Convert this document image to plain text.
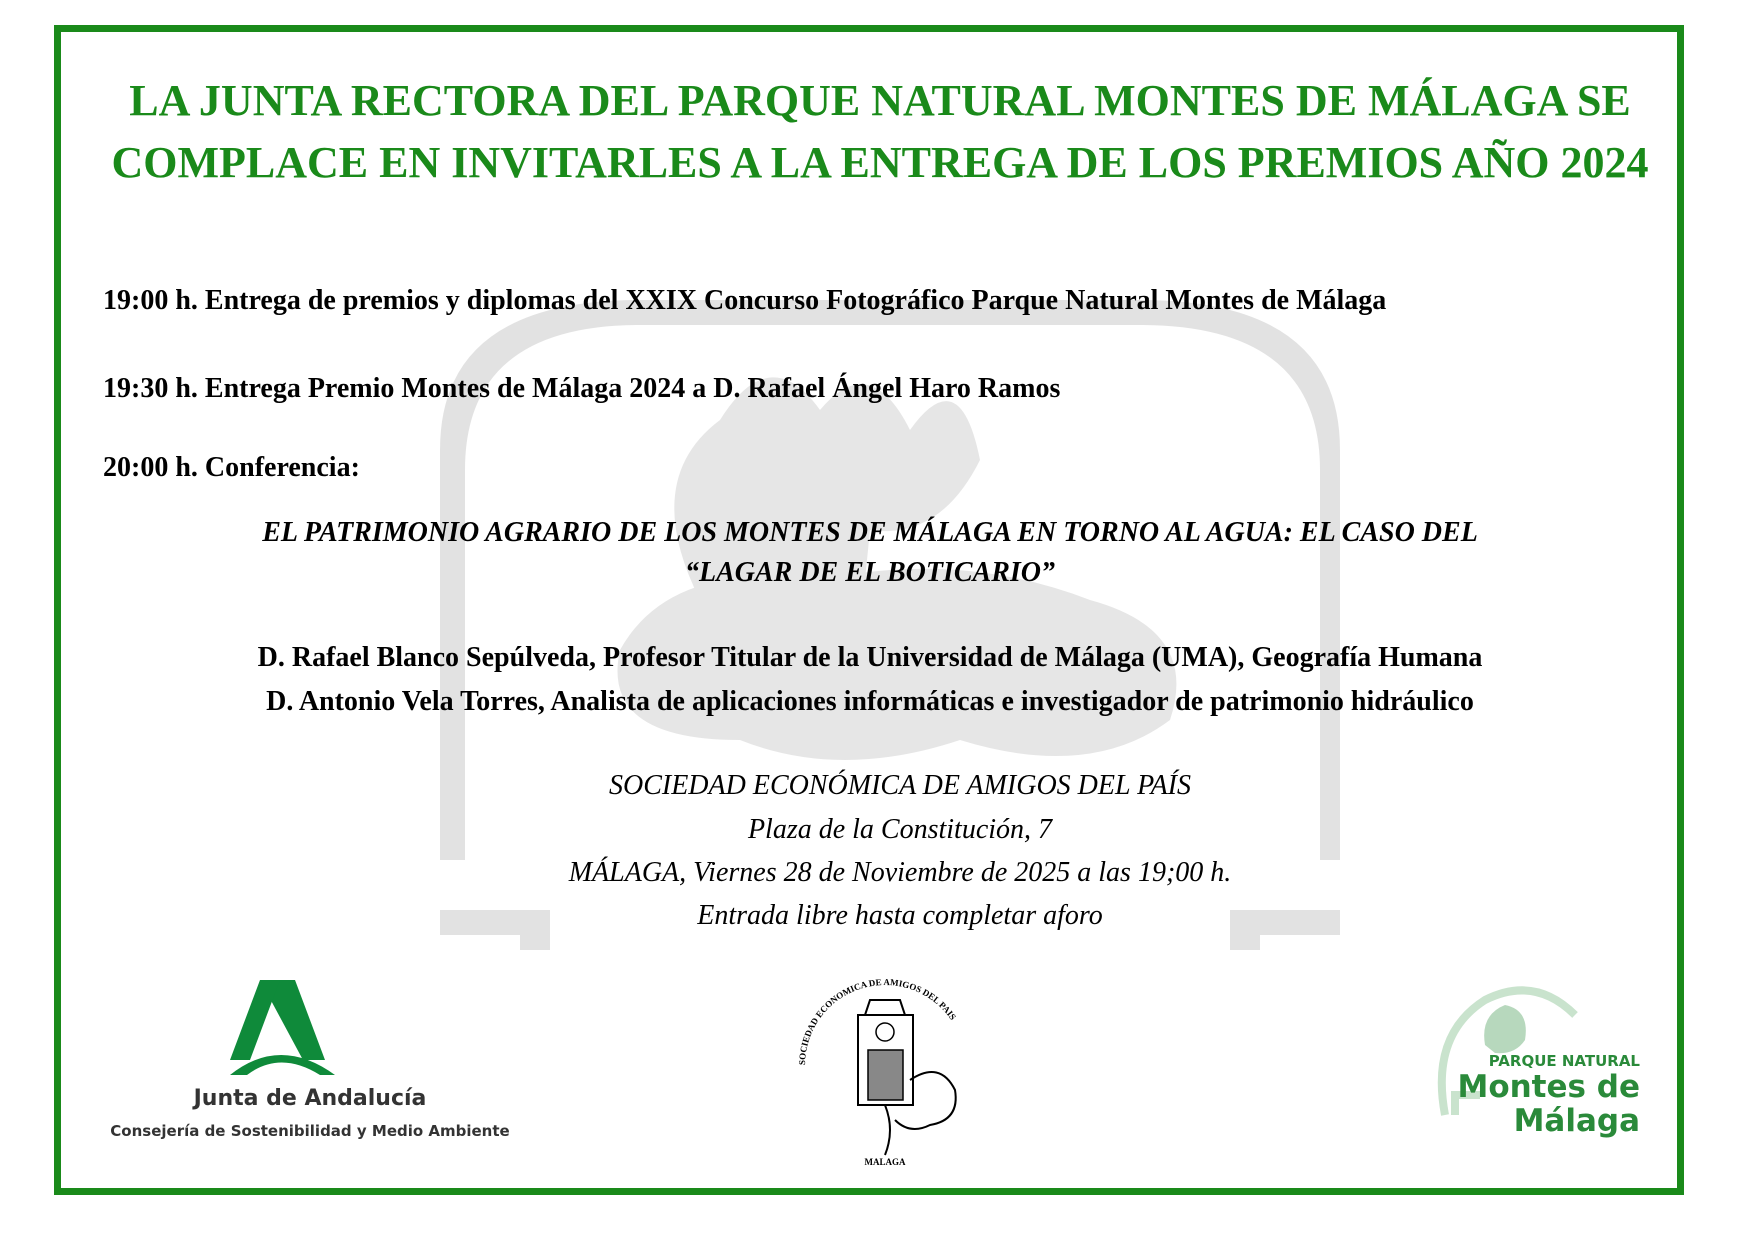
LA JUNTA RECTORA DEL PARQUE NATURAL MONTES DE MÁLAGA SE COMPLACE EN INVITARLES A LA ENTREGA DE LOS PREMIOS AÑO 2024

19:00 h. Entrega de premios y diplomas del XXIX Concurso Fotográfico Parque Natural Montes de Málaga

19:30 h. Entrega Premio Montes de Málaga 2024 a D. Rafael Ángel Haro Ramos

20:00 h. Conferencia:

EL PATRIMONIO AGRARIO DE LOS MONTES DE MÁLAGA EN TORNO AL AGUA: EL CASO DEL
“LAGAR DE EL BOTICARIO”

D. Rafael Blanco Sepúlveda, Profesor Titular de la Universidad de Málaga (UMA), Geografía Humana

D. Antonio Vela Torres, Analista de aplicaciones informáticas e investigador de patrimonio hidráulico

SOCIEDAD ECONÓMICA DE AMIGOS DEL PAÍS

Plaza de la Constitución, 7

MÁLAGA, Viernes 28 de Noviembre de 2025 a las 19;00 h.

Entrada libre hasta completar aforo

Junta de Andalucía
Consejería de Sostenibilidad y Medio Ambiente
SOCIEDAD ECONOMICA DE AMIGOS DEL PAIS
MALAGA
PARQUE NATURAL
Montes de
Málaga
